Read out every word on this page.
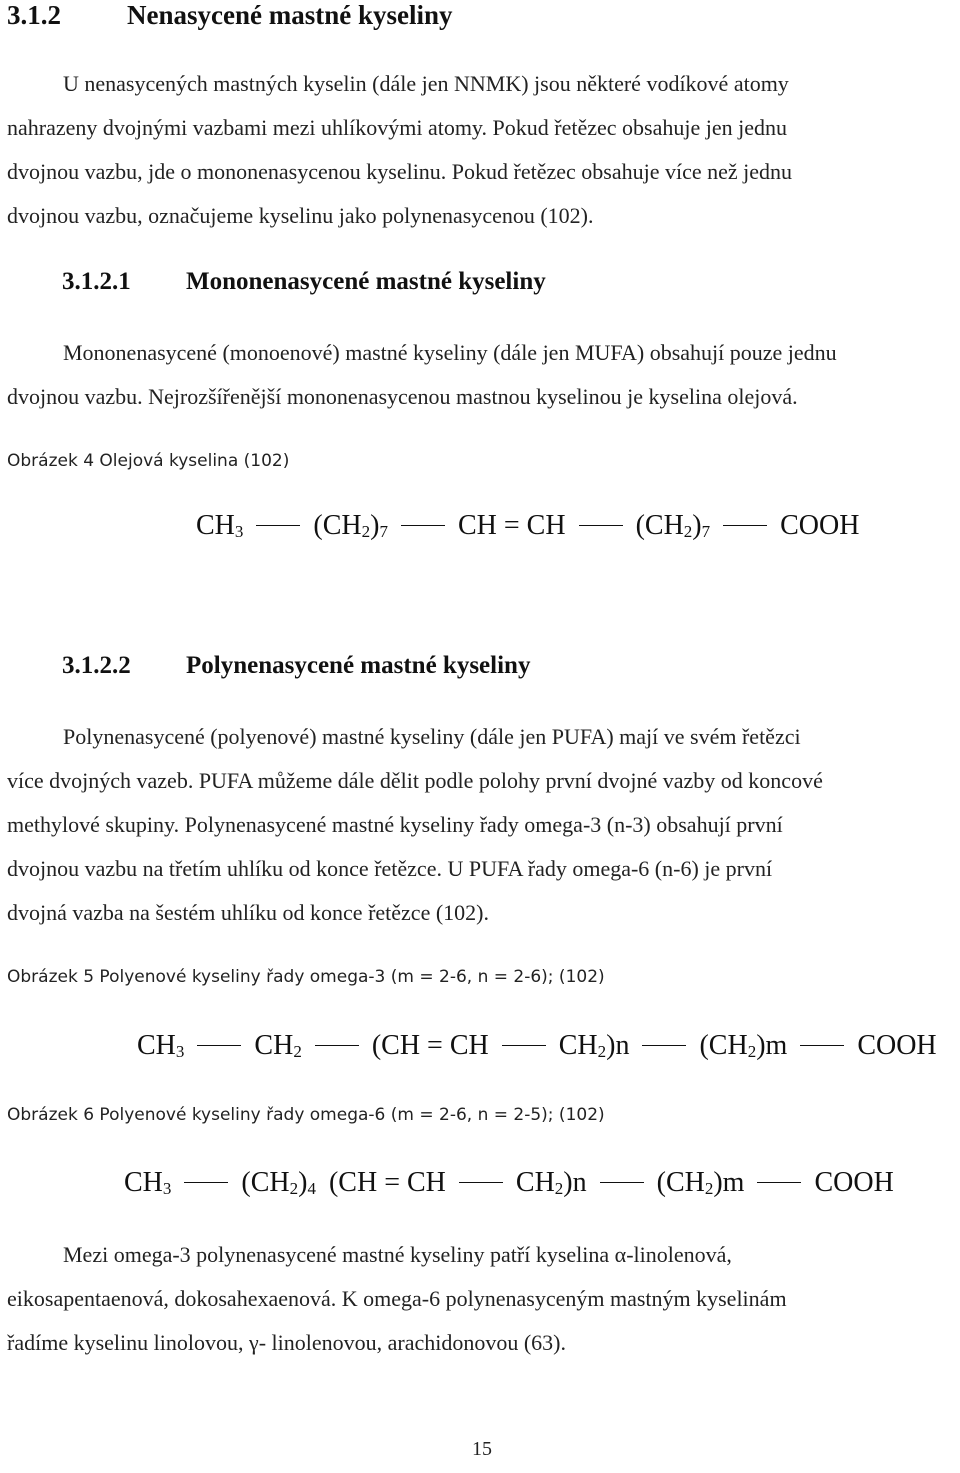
3.1.2 Nenasycené mastné kyseliny
U nenasycených mastných kyselin (dále jen NNMK) jsou některé vodíkové atomy
nahrazeny dvojnými vazbami mezi uhlíkovými atomy. Pokud řetězec obsahuje jen jednu
dvojnou vazbu, jde o mononenasycenou kyselinu. Pokud řetězec obsahuje více než jednu
dvojnou vazbu, označujeme kyselinu jako polynenasycenou (102).
3.1.2.1 Mononenasycené mastné kyseliny
Mononenasycené (monoenové) mastné kyseliny (dále jen MUFA) obsahují pouze jednu
dvojnou vazbu. Nejrozšířenější mononenasycenou mastnou kyselinou je kyselina olejová.
Obrázek 4 Olejová kyselina (102)
$CH_3$	$(CH_2)_7$	CH = CH	$(CH_2)_7$	COOH
3.1.2.2 Polynenasycené mastné kyseliny
Polynenasycené (polyenové) mastné kyseliny (dále jen PUFA) mají ve svém řetězci
více dvojných vazeb. PUFA můžeme dále dělit podle polohy první dvojné vazby od koncové
methylové skupiny. Polynenasycené mastné kyseliny řady omega-3 (n-3) obsahují první
dvojnou vazbu na třetím uhlíku od konce řetězce. U PUFA řady omega-6 (n-6) je první
dvojná vazba na šestém uhlíku od konce řetězce (102).
Obrázek 5 Polyenové kyseliny řady omega-3 (m = 2-6, n = 2-6); (102)
$CH_3$	$CH_2$	(CH = CH	$CH_2)n$	$(CH_2)m$	COOH
Obrázek 6 Polyenové kyseliny řady omega-6 (m = 2-6, n = 2-5); (102)
$CH_3$	$(CH_2)_4$ (CH = CH	$CH_2)n$	$(CH_2)m$	COOH
Mezi omega-3 polynenasycené mastné kyseliny patří kyselina α-linolenová,
eikosapentaenová, dokosahexaenová. K omega-6 polynenasyceným mastným kyselinám
řadíme kyselinu linolovou, γ- linolenovou, arachidonovou (63).
15
